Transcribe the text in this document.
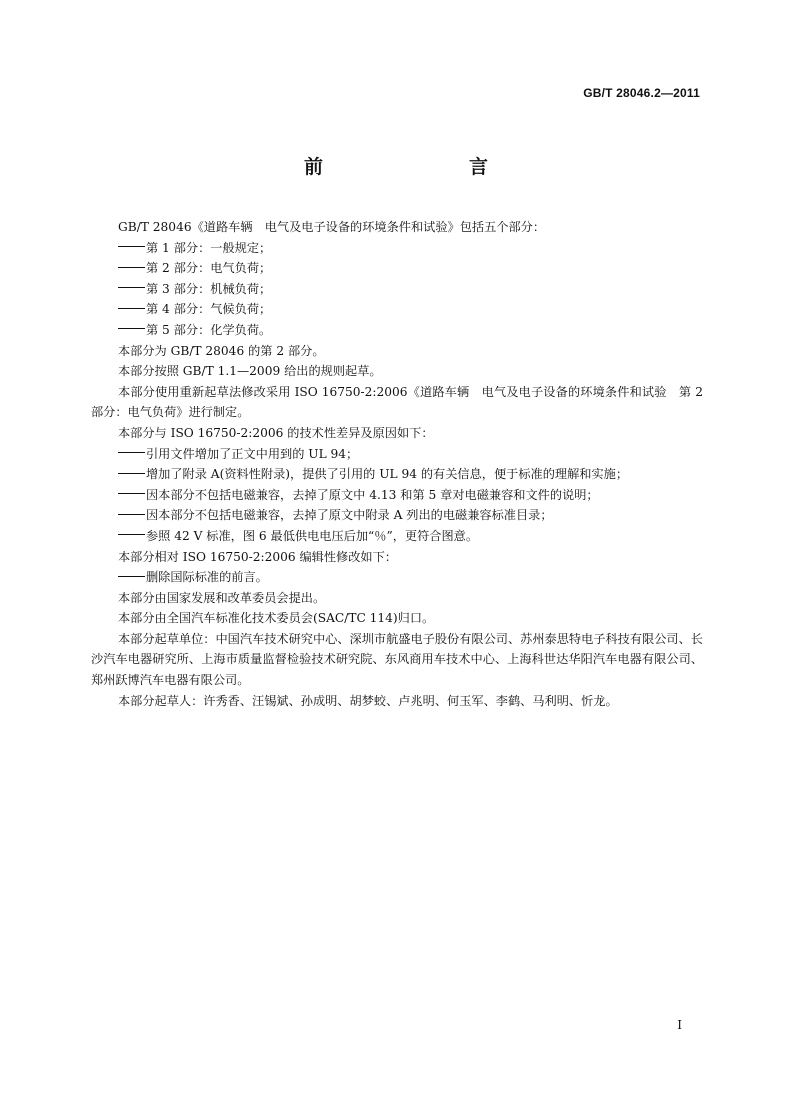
GB/T 28046.2—2011
前　　言

GB/T 28046《道路车辆　电气及电子设备的环境条件和试验》包括五个部分：

第 1 部分：一般规定；

第 2 部分：电气负荷；

第 3 部分：机械负荷；

第 4 部分：气候负荷；

第 5 部分：化学负荷。

本部分为 GB/T 28046 的第 2 部分。

本部分按照 GB/T 1.1—2009 给出的规则起草。

本部分使用重新起草法修改采用 ISO 16750-2:2006《道路车辆　电气及电子设备的环境条件和试验　第 2 部分：电气负荷》进行制定。

本部分与 ISO 16750-2:2006 的技术性差异及原因如下：

引用文件增加了正文中用到的 UL 94；

增加了附录 A(资料性附录)，提供了引用的 UL 94 的有关信息，便于标准的理解和实施；

因本部分不包括电磁兼容，去掉了原文中 4.13 和第 5 章对电磁兼容和文件的说明；

因本部分不包括电磁兼容，去掉了原文中附录 A 列出的电磁兼容标准目录；

参照 42 V 标准，图 6 最低供电电压后加“％”，更符合图意。

本部分相对 ISO 16750-2:2006 编辑性修改如下：

删除国际标准的前言。

本部分由国家发展和改革委员会提出。

本部分由全国汽车标准化技术委员会(SAC/TC 114)归口。

本部分起草单位：中国汽车技术研究中心、深圳市航盛电子股份有限公司、苏州泰思特电子科技有限公司、长沙汽车电器研究所、上海市质量监督检验技术研究院、东风商用车技术中心、上海科世达华阳汽车电器有限公司、郑州跃博汽车电器有限公司。

本部分起草人：许秀香、汪锡斌、孙成明、胡梦蛟、卢兆明、何玉军、李鹤、马利明、忻龙。

I
